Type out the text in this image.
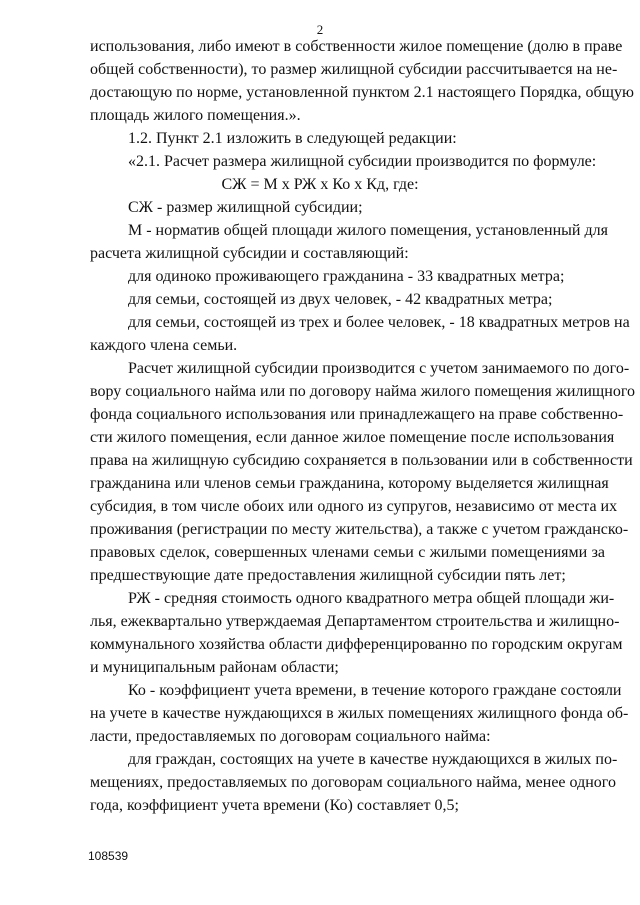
2
использования, либо имеют в собственности жилое помещение (долю в праве
общей собственности), то размер жилищной субсидии рассчитывается на не-
достающую по норме, установленной пунктом 2.1 настоящего Порядка, общую
площадь жилого помещения.».
1.2. Пункт 2.1 изложить в следующей редакции:
«2.1. Расчет размера жилищной субсидии производится по формуле:
СЖ = М х РЖ х Ко х Кд, где:
СЖ - размер жилищной субсидии;
М - норматив общей площади жилого помещения, установленный для
расчета жилищной субсидии и составляющий:
для одиноко проживающего гражданина - 33 квадратных метра;
для семьи, состоящей из двух человек, - 42 квадратных метра;
для семьи, состоящей из трех и более человек, - 18 квадратных метров на
каждого члена семьи.
Расчет жилищной субсидии производится с учетом занимаемого по дого-
вору социального найма или по договору найма жилого помещения жилищного
фонда социального использования или принадлежащего на праве собственно-
сти жилого помещения, если данное жилое помещение после использования
права на жилищную субсидию сохраняется в пользовании или в собственности
гражданина или членов семьи гражданина, которому выделяется жилищная
субсидия, в том числе обоих или одного из супругов, независимо от места их
проживания (регистрации по месту жительства), а также с учетом гражданско-
правовых сделок, совершенных членами семьи с жилыми помещениями за
предшествующие дате предоставления жилищной субсидии пять лет;
РЖ - средняя стоимость одного квадратного метра общей площади жи-
лья, ежеквартально утверждаемая Департаментом строительства и жилищно-
коммунального хозяйства области дифференцированно по городским округам
и муниципальным районам области;
Ко - коэффициент учета времени, в течение которого граждане состояли
на учете в качестве нуждающихся в жилых помещениях жилищного фонда об-
ласти, предоставляемых по договорам социального найма:
для граждан, состоящих на учете в качестве нуждающихся в жилых по-
мещениях, предоставляемых по договорам социального найма, менее одного
года, коэффициент учета времени (Ко) составляет 0,5;
108539
